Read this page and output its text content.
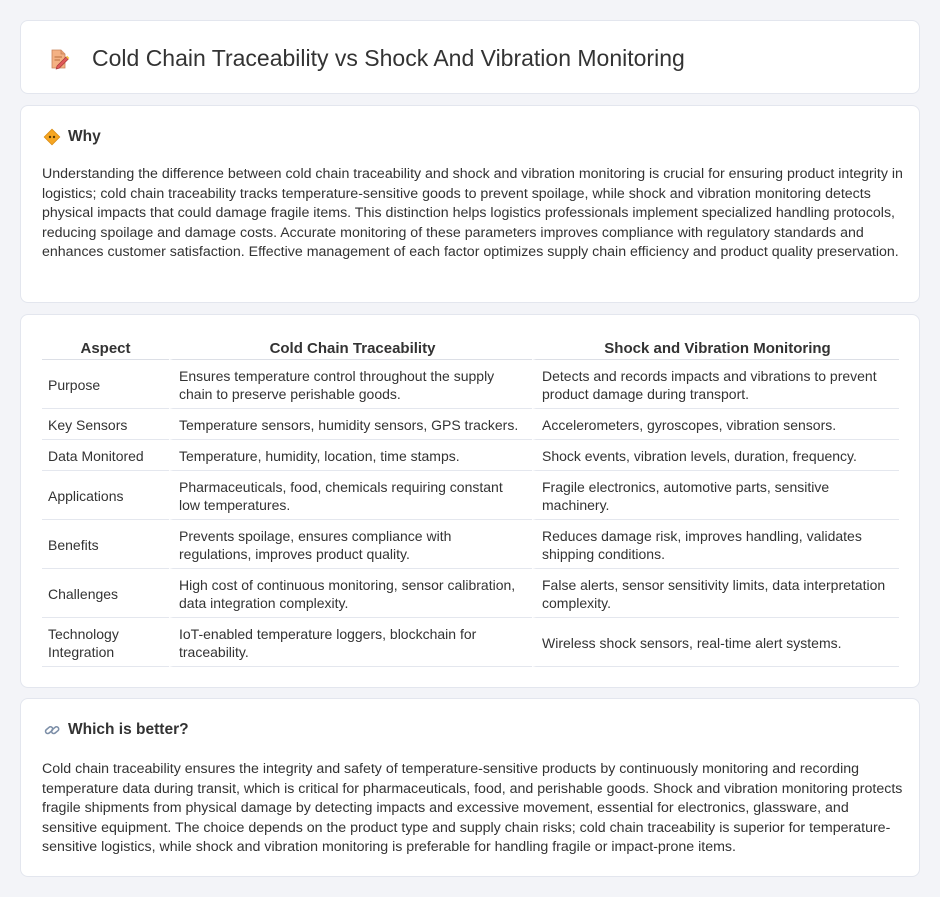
Cold Chain Traceability vs Shock And Vibration Monitoring
Why

Understanding the difference between cold chain traceability and shock and vibration monitoring is crucial for ensuring product integrity in logistics; cold chain traceability tracks temperature-sensitive goods to prevent spoilage, while shock and vibration monitoring detects physical impacts that could damage fragile items. This distinction helps logistics professionals implement specialized handling protocols, reducing spoilage and damage costs. Accurate monitoring of these parameters improves compliance with regulatory standards and enhances customer satisfaction. Effective management of each factor optimizes supply chain efficiency and product quality preservation.

Aspect	Cold Chain Traceability	Shock and Vibration Monitoring
Purpose	Ensures temperature control throughout the supply chain to preserve perishable goods.	Detects and records impacts and vibrations to prevent product damage during transport.
Key Sensors	Temperature sensors, humidity sensors, GPS trackers.	Accelerometers, gyroscopes, vibration sensors.
Data Monitored	Temperature, humidity, location, time stamps.	Shock events, vibration levels, duration, frequency.
Applications	Pharmaceuticals, food, chemicals requiring constant low temperatures.	Fragile electronics, automotive parts, sensitive machinery.
Benefits	Prevents spoilage, ensures compliance with regulations, improves product quality.	Reduces damage risk, improves handling, validates shipping conditions.
Challenges	High cost of continuous monitoring, sensor calibration, data integration complexity.	False alerts, sensor sensitivity limits, data interpretation complexity.
Technology Integration	IoT-enabled temperature loggers, blockchain for traceability.	Wireless shock sensors, real-time alert systems.
Which is better?

Cold chain traceability ensures the integrity and safety of temperature-sensitive products by continuously monitoring and recording temperature data during transit, which is critical for pharmaceuticals, food, and perishable goods. Shock and vibration monitoring protects fragile shipments from physical damage by detecting impacts and excessive movement, essential for electronics, glassware, and sensitive equipment. The choice depends on the product type and supply chain risks; cold chain traceability is superior for temperature-sensitive logistics, while shock and vibration monitoring is preferable for handling fragile or impact-prone items.
